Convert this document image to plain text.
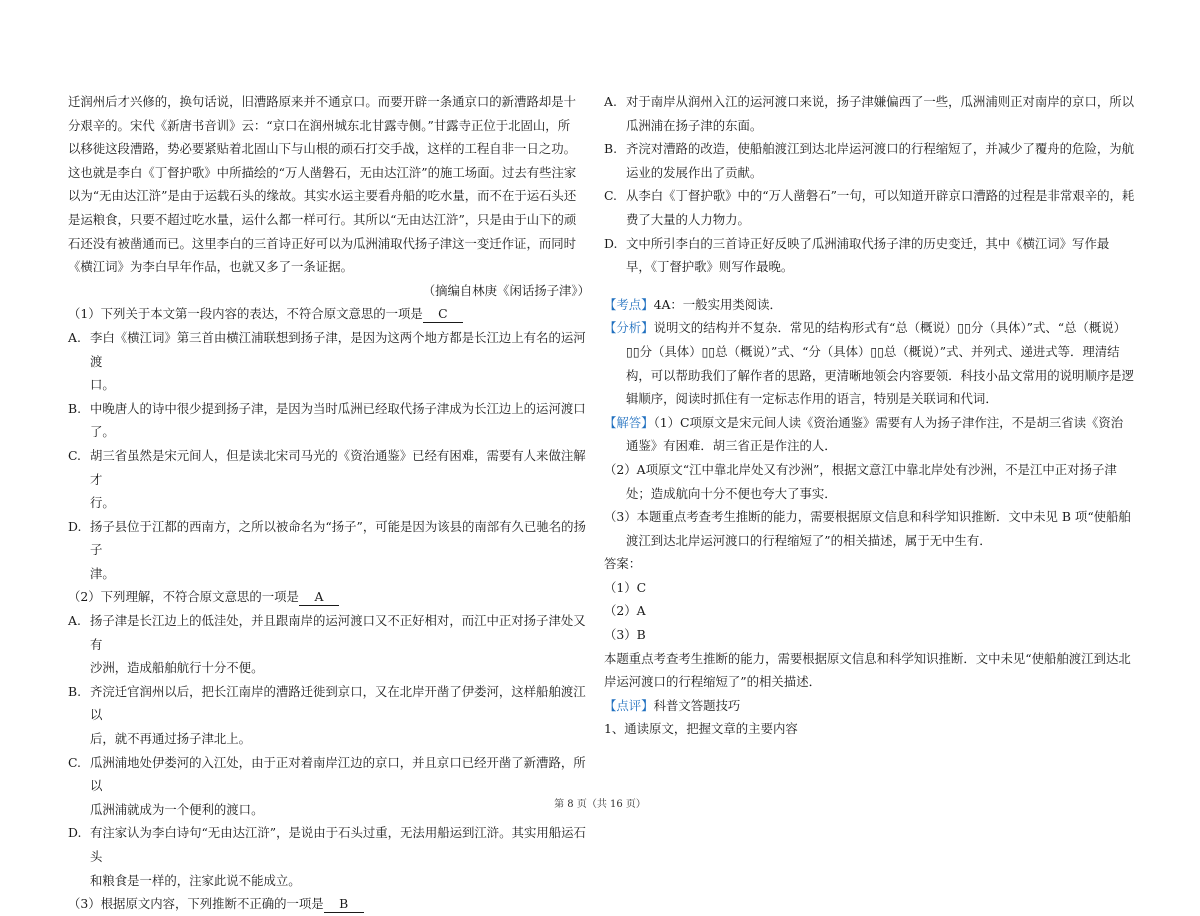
迁润州后才兴修的，换句话说，旧漕路原来并不通京口。而要开辟一条通京口的新漕路却是十

分艰辛的。宋代《新唐书音训》云：“京口在润州城东北甘露寺侧。”甘露寺正位于北固山，所

以移徙这段漕路，势必要紧贴着北固山下与山根的顽石打交手战，这样的工程自非一日之功。

这也就是李白《丁督护歌》中所描绘的“万人凿磐石，无由达江浒”的施工场面。过去有些注家

以为“无由达江浒”是由于运载石头的缘故。其实水运主要看舟船的吃水量，而不在于运石头还

是运粮食，只要不超过吃水量，运什么都一样可行。其所以“无由达江浒”，只是由于山下的顽

石还没有被凿通而已。这里李白的三首诗正好可以为瓜洲浦取代扬子津这一变迁作证，而同时

《横江词》为李白早年作品，也就又多了一条证据。

（摘编自林庚《闲话扬子津》）

（1）下列关于本文第一段内容的表达，不符合原文意思的一项是 C

A. 李白《横江词》第三首由横江浦联想到扬子津，是因为这两个地方都是长江边上有名的运河渡
口。
B. 中晚唐人的诗中很少提到扬子津，是因为当时瓜洲已经取代扬子津成为长江边上的运河渡口
了。
C. 胡三省虽然是宋元间人，但是读北宋司马光的《资治通鉴》已经有困难，需要有人来做注解才
行。
D. 扬子县位于江都的西南方，之所以被命名为“扬子”，可能是因为该县的南部有久已驰名的扬子
津。

（2）下列理解，不符合原文意思的一项是 A

A. 扬子津是长江边上的低洼处，并且跟南岸的运河渡口又不正好相对，而江中正对扬子津处又有
沙洲，造成船舶航行十分不便。
B. 齐浣迁官润州以后，把长江南岸的漕路迁徙到京口，又在北岸开凿了伊娄河，这样船舶渡江以
后，就不再通过扬子津北上。
C. 瓜洲浦地处伊娄河的入江处，由于正对着南岸江边的京口，并且京口已经开凿了新漕路，所以
瓜洲浦就成为一个便利的渡口。
D. 有注家认为李白诗句“无由达江浒”，是说由于石头过重，无法用船运到江浒。其实用船运石头
和粮食是一样的，注家此说不能成立。

（3）根据原文内容，下列推断不正确的一项是 B

A. 对于南岸从润州入江的运河渡口来说，扬子津嫌偏西了一些，瓜洲浦则正对南岸的京口，所以
瓜洲浦在扬子津的东面。
B. 齐浣对漕路的改造，使船舶渡江到达北岸运河渡口的行程缩短了，并减少了覆舟的危险，为航
运业的发展作出了贡献。
C. 从李白《丁督护歌》中的“万人凿磐石”一句，可以知道开辟京口漕路的过程是非常艰辛的，耗
费了大量的人力物力。
D. 文中所引李白的三首诗正好反映了瓜洲浦取代扬子津的历史变迁，其中《横江词》写作最
早，《丁督护歌》则写作最晚。

【考点】4A：一般实用类阅读．

【分析】说明文的结构并不复杂．常见的结构形式有“总（概说）▯▯分（具体）”式、“总（概说）

▯▯分（具体）▯▯总（概说）”式、“分（具体）▯▯总（概说）”式、并列式、递进式等．理清结

构，可以帮助我们了解作者的思路，更清晰地领会内容要领．科技小品文常用的说明顺序是逻

辑顺序，阅读时抓住有一定标志作用的语言，特别是关联词和代词．

【解答】（1）C项原文是宋元间人读《资治通鉴》需要有人为扬子津作注，不是胡三省读《资治

通鉴》有困难．胡三省正是作注的人．

（2）A项原文“江中靠北岸处又有沙洲”，根据文意江中靠北岸处有沙洲，不是江中正对扬子津

处；造成航向十分不便也夸大了事实．

（3）本题重点考查考生推断的能力，需要根据原文信息和科学知识推断．文中未见 B 项“使船舶

渡江到达北岸运河渡口的行程缩短了”的相关描述，属于无中生有．

答案：

（1）C

（2）A

（3）B

本题重点考查考生推断的能力，需要根据原文信息和科学知识推断．文中未见“使船舶渡江到达北

岸运河渡口的行程缩短了”的相关描述．

【点评】科普文答题技巧

1、通读原文，把握文章的主要内容

第 8 页（共 16 页）
